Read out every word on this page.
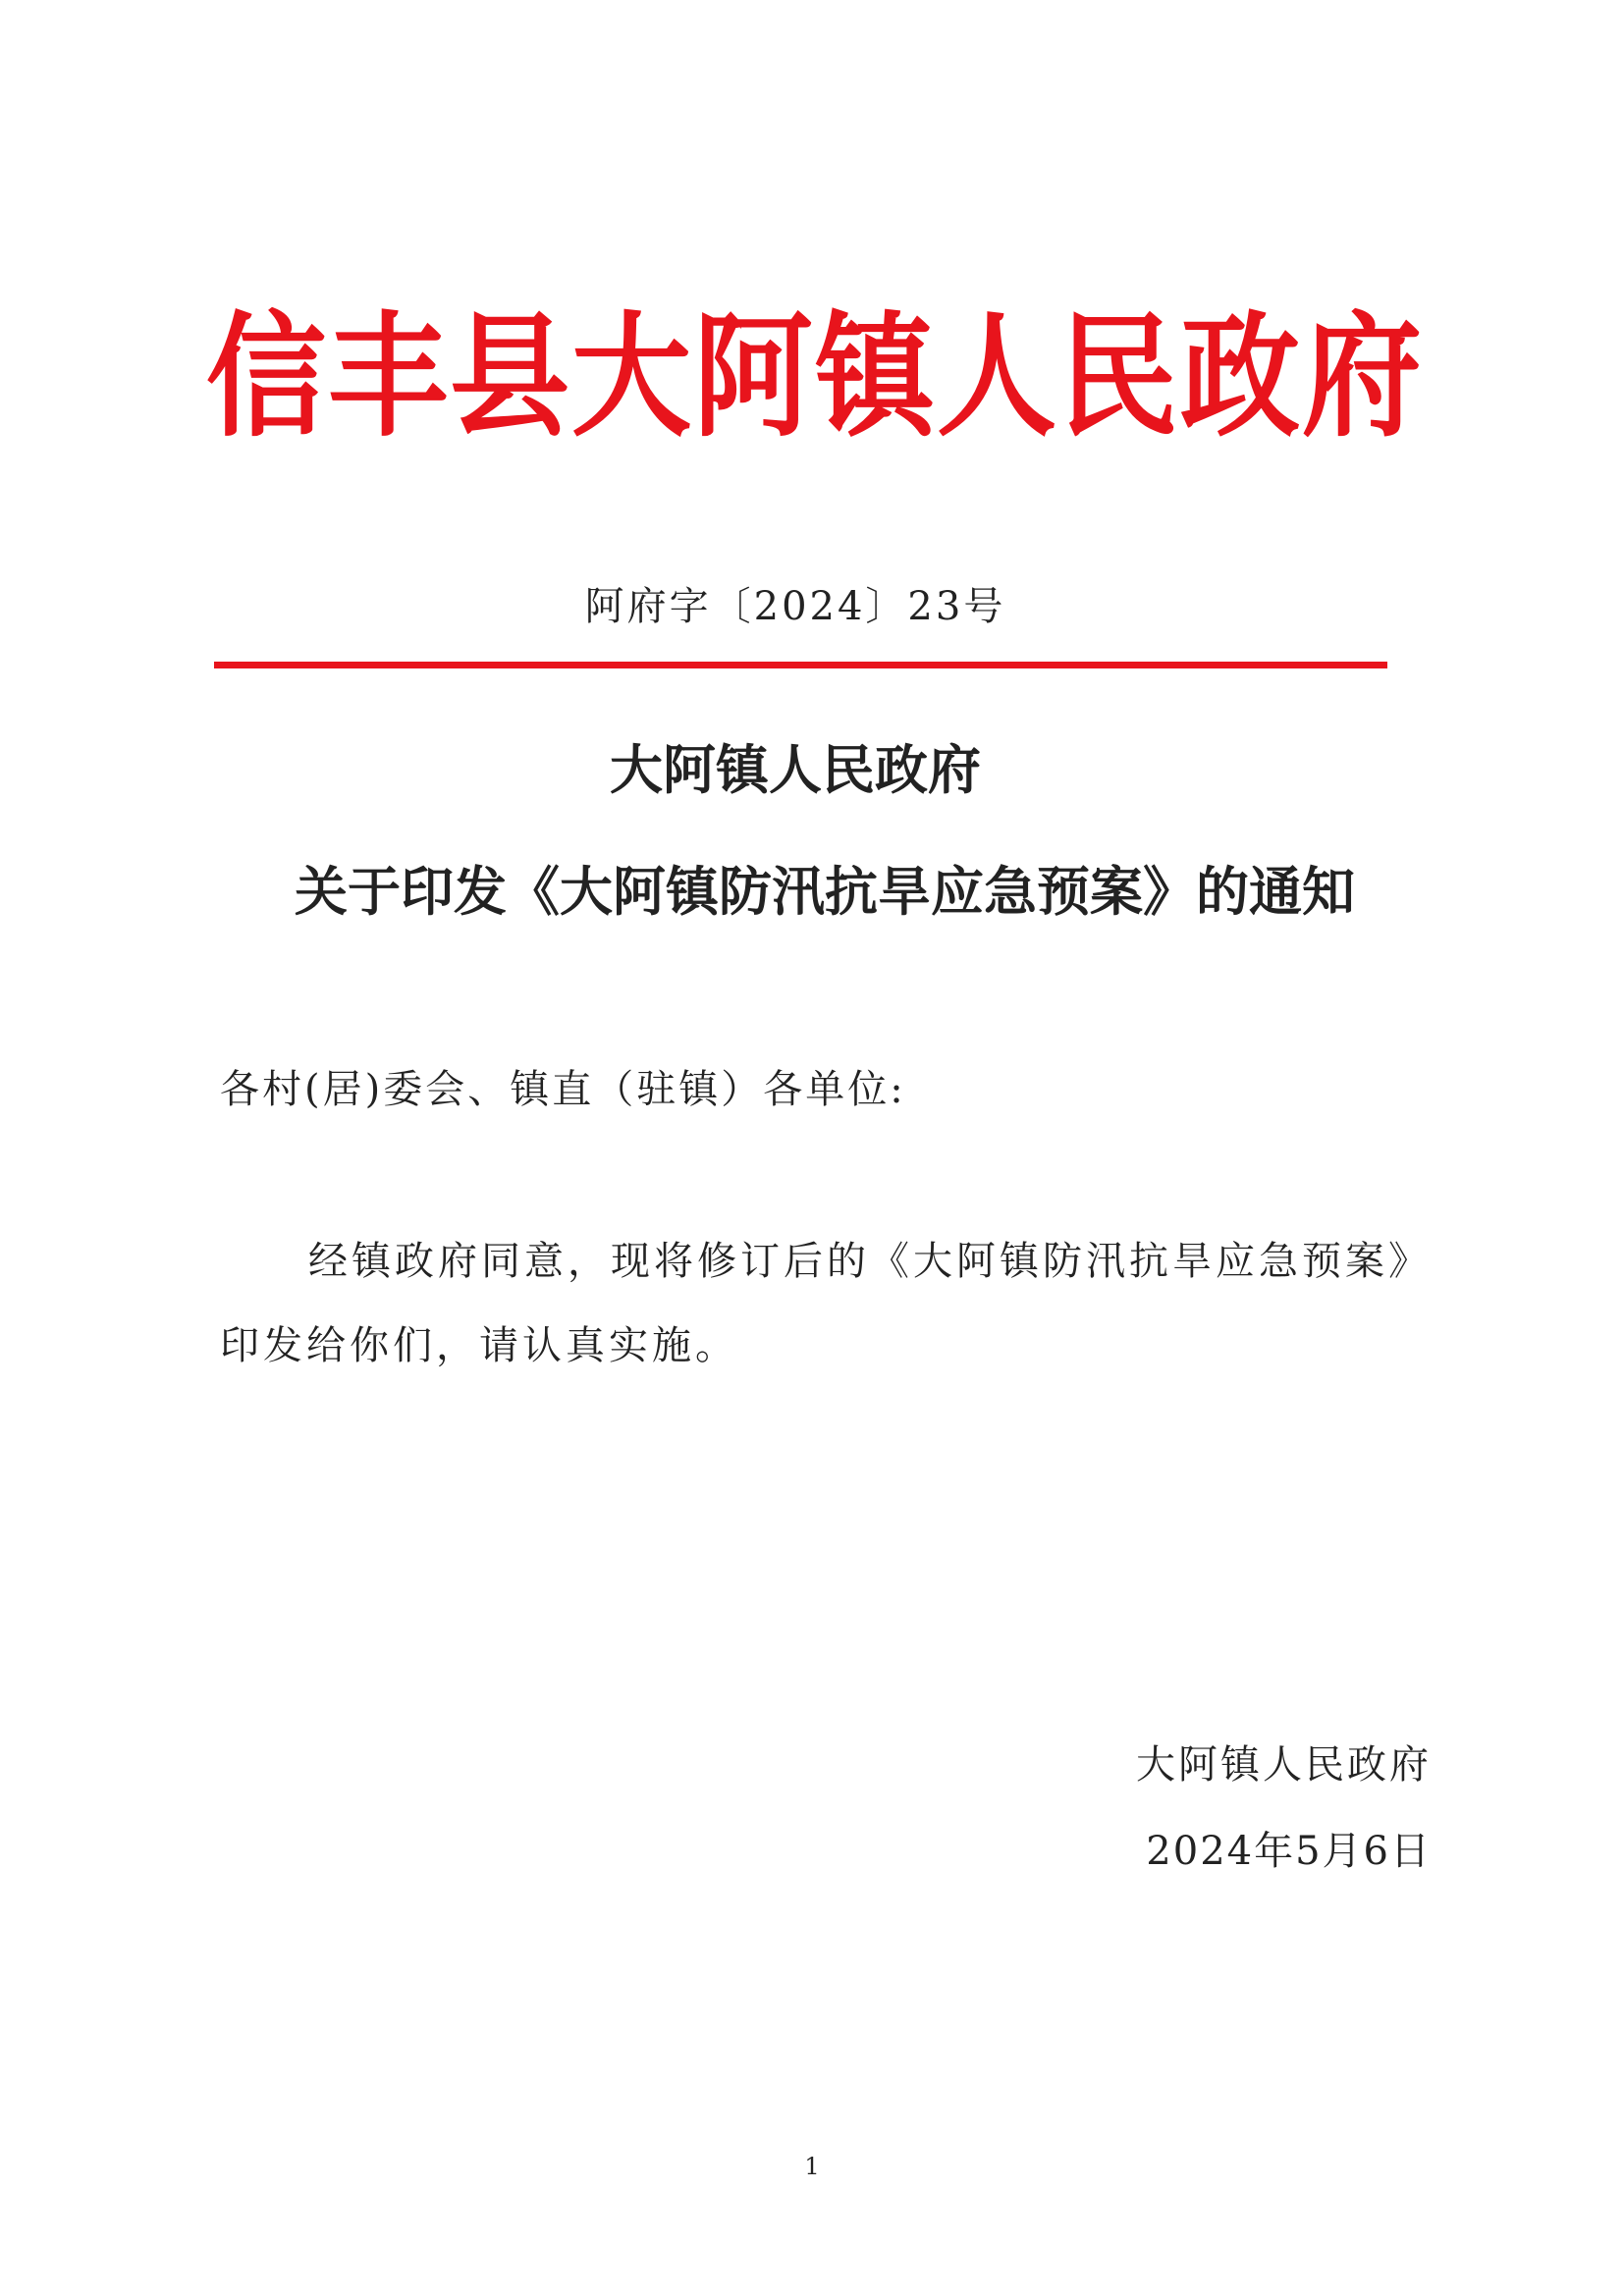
信丰县大阿镇人民政府
阿府字〔2024〕23号
大阿镇人民政府
关于印发《大阿镇防汛抗旱应急预案》的通知
各村(居)委会、镇直（驻镇）各单位:
经镇政府同意，现将修订后的《大阿镇防汛抗旱应急预案》印发给你们，请认真实施。
大阿镇人民政府
2024年5月6日
1
